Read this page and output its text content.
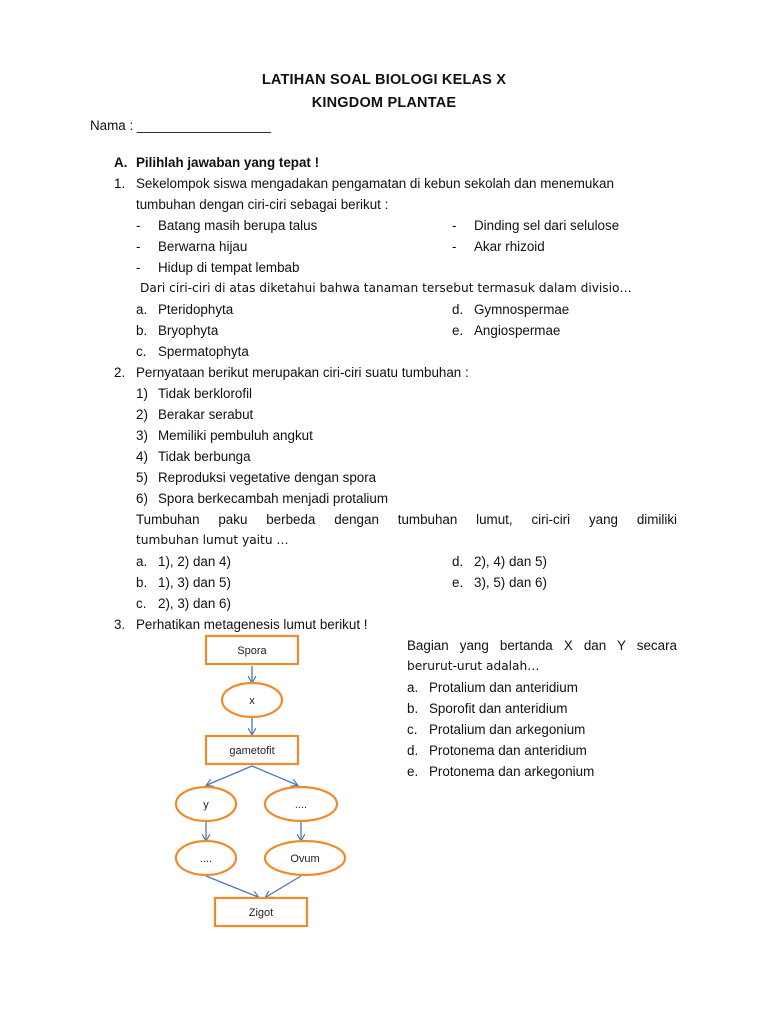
LATIHAN SOAL BIOLOGI KELAS X
KINGDOM PLANTAE
Nama : __________________
A. Pilihlah jawaban yang tepat !
1. Sekelompok siswa mengadakan pengamatan di kebun sekolah dan menemukan
tumbuhan dengan ciri-ciri sebagai berikut :
- Batang masih berupa talus
- Berwarna hijau
- Hidup di tempat lembab
- Dinding sel dari selulose
- Akar rhizoid
Dari ciri-ciri di atas diketahui bahwa tanaman tersebut termasuk dalam divisio…
a. Pteridophyta
b. Bryophyta
c. Spermatophyta
d. Gymnospermae
e. Angiospermae
2. Pernyataan berikut merupakan ciri-ciri suatu tumbuhan :
1) Tidak berklorofil
2) Berakar serabut
3) Memiliki pembuluh angkut
4) Tidak berbunga
5) Reproduksi vegetative dengan spora
6) Spora berkecambah menjadi protalium
Tumbuhan paku berbeda dengan tumbuhan lumut, ciri-ciri yang dimiliki
tumbuhan lumut yaitu …
a. 1), 2) dan 4)
b. 1), 3) dan 5)
c. 2), 3) dan 6)
d. 2), 4) dan 5)
e. 3), 5) dan 6)
3. Perhatikan metagenesis lumut berikut !
Bagian yang bertanda X dan Y secara
berurut-urut adalah…
a. Protalium dan anteridium
b. Sporofit dan anteridium
c. Protalium dan arkegonium
d. Protonema dan anteridium
e. Protonema dan arkegonium
Spora
x
gametofit
y	....
....	Ovum
Zigot
